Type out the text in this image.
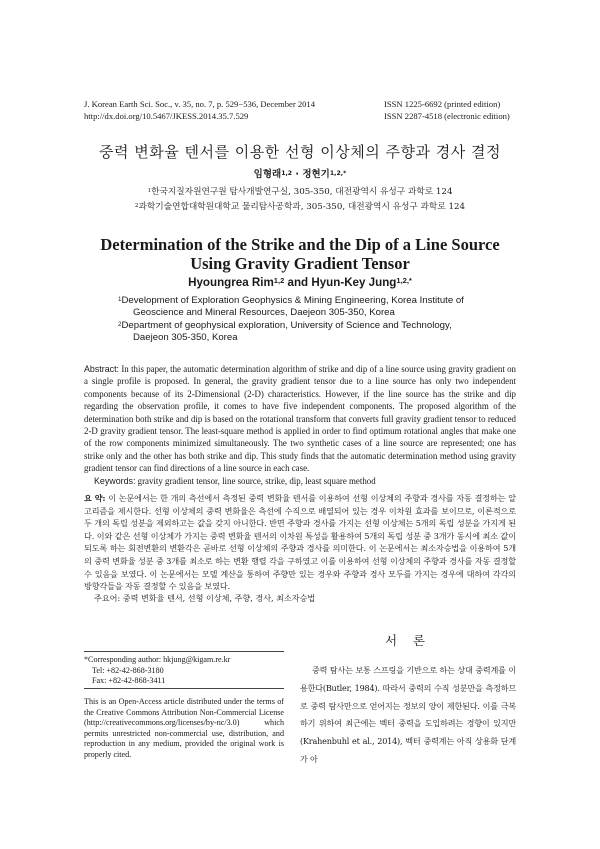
J. Korean Earth Sci. Soc., v. 35, no. 7, p. 529−536, December 2014
http://dx.doi.org/10.5467/JKESS.2014.35.7.529
ISSN 1225-6692 (printed edition)
ISSN 2287-4518 (electronic edition)
중력 변화율 텐서를 이용한 선형 이상체의 주향과 경사 결정
임형래$^{1,2}$ · 정현기$^{1,2,*}$
$^1$한국지질자원연구원 탐사개발연구실, 305-350, 대전광역시 유성구 과학로 124
$^2$과학기술연합대학원대학교 물리탐사공학과, 305-350, 대전광역시 유성구 과학로 124
Determination of the Strike and the Dip of a Line Source
Using Gravity Gradient Tensor
Hyoungrea Rim$^{1,2}$ and Hyun-Key Jung$^{1,2,*}$
$^1$Development of Exploration Geophysics & Mining Engineering, Korea Institute of
Geoscience and Mineral Resources, Daejeon 305-350, Korea
$^2$Department of geophysical exploration, University of Science and Technology,
Daejeon 305-350, Korea
Abstract: In this paper, the automatic determination algorithm of strike and dip of a line source using gravity gradient on a single profile is proposed. In general, the gravity gradient tensor due to a line source has only two independent components because of its 2-Dimensional (2-D) characteristics. However, if the line source has the strike and dip regarding the observation profile, it comes to have five independent components. The proposed algorithm of the determination both strike and dip is based on the rotational transform that converts full gravity gradient tensor to reduced 2-D gravity gradient tensor. The least-square method is applied in order to find optimum rotational angles that make one of the row components minimized simultaneously. The two synthetic cases of a line source are represented; one has strike only and the other has both strike and dip. This study finds that the automatic determination method using gravity gradient tensor can find directions of a line source in each case.
Keywords: gravity gradient tensor, line source, strike, dip, least square method
요 약: 이 논문에서는 한 개의 측선에서 측정된 중력 변화율 텐서를 이용하여 선형 이상체의 주향과 경사를 자동 결정하는 알고리즘을 제시한다. 선형 이상체의 중력 변화율은 측선에 수직으로 배열되어 있는 경우 이차원 효과를 보이므로, 이론적으로 두 개의 독립 성분을 제외하고는 값을 갖지 아니한다. 반면 주향과 경사를 가지는 선형 이상체는 5개의 독립 성분을 가지게 된다. 이와 같은 선형 이상체가 가지는 중력 변화율 텐서의 이차원 특성을 활용하여 5개의 독립 성분 중 3개가 동시에 최소 값이 되도록 하는 회전변환의 변환각은 곧바로 선형 이상체의 주향과 경사를 의미한다. 이 논문에서는 최소자승법을 이용하여 5개의 중력 변화율 성분 중 3개를 최소로 하는 변환 행렬 각을 구하였고 이를 이용하여 선형 이상체의 주향과 경사를 자동 결정할 수 있음을 보였다. 이 논문에서는 모델 계산을 통하여 주향만 있는 경우와 주향과 경사 모두를 가지는 경우에 대하여 각각의 방향각들을 자동 결정할 수 있음을 보였다.
주요어: 중력 변화율 텐서, 선형 이상체, 주향, 경사, 최소자승법
*Corresponding author: hkjung@kigam.re.kr
Tel: +82-42-868-3180
Fax: +82-42-868-3411
This is an Open-Access article distributed under the terms of the Creative Commons Attribution Non-Commercial License (http://creativecommons.org/licenses/by-nc/3.0) which permits unrestricted non-commercial use, distribution, and reproduction in any medium, provided the original work is properly cited.
서 론
중력 탐사는 보통 스프링을 기반으로 하는 상대 중력계를 이용한다(Butler, 1984). 따라서 중력의 수직 성분만을 측정하므로 중력 탐사만으로 얻어지는 정보의 양이 제한된다. 이를 극복하기 위하여 최근에는 벡터 중력을 도입하려는 경향이 있지만(Krahenbuhl et al., 2014), 벡터 중력계는 아직 상용화 단계가 아
